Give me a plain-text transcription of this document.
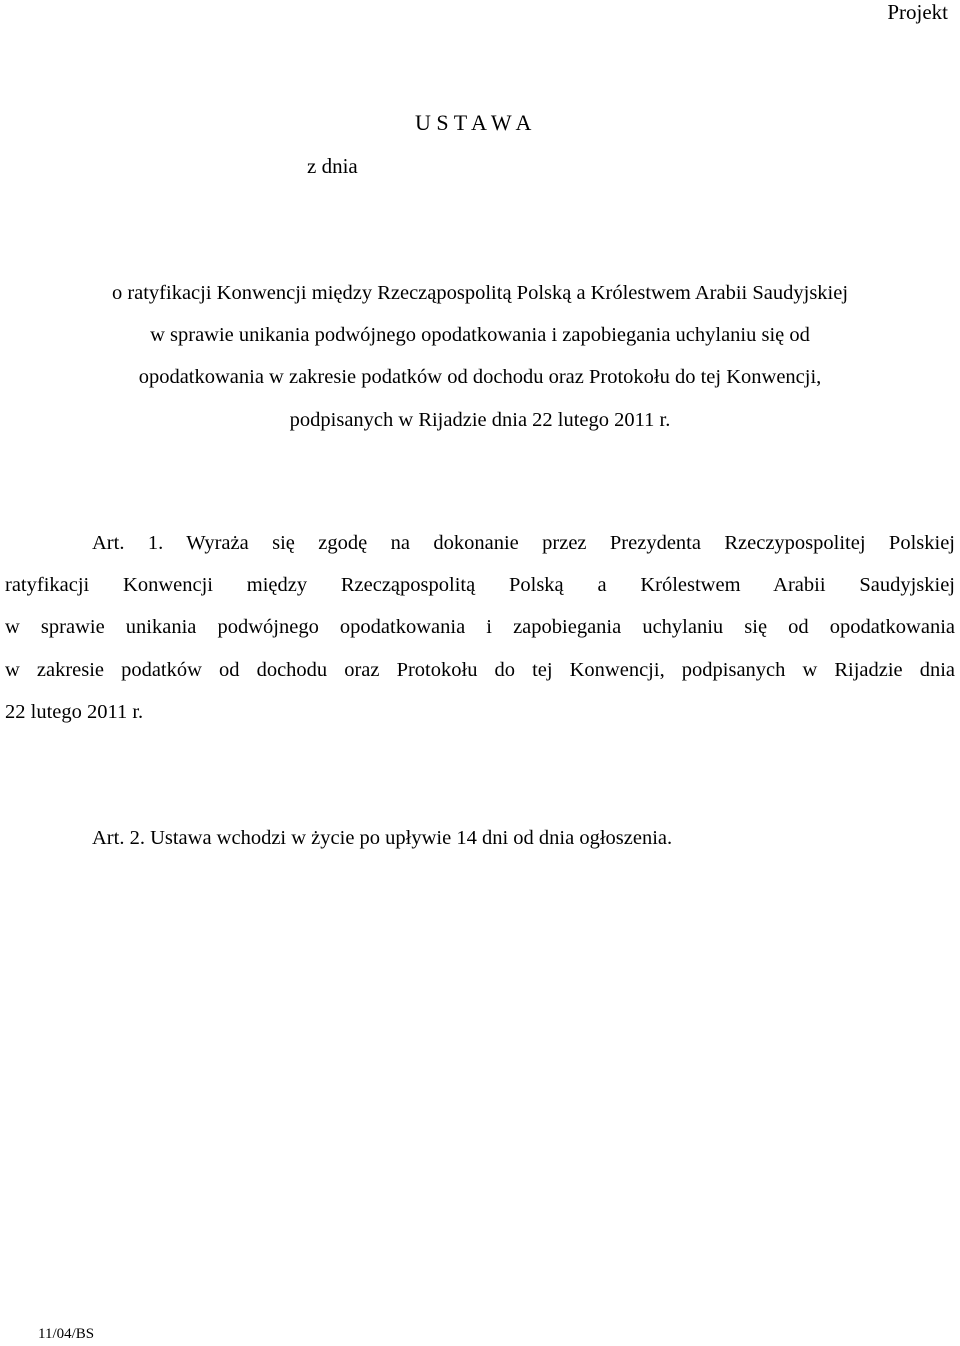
Projekt
U S T A W A
z dnia
o ratyfikacji Konwencji między Rzecząpospolitą Polską a Królestwem Arabii Saudyjskiej
w sprawie unikania podwójnego opodatkowania i zapobiegania uchylaniu się od
opodatkowania w zakresie podatków od dochodu oraz Protokołu do tej Konwencji,
podpisanych w Rijadzie dnia 22 lutego 2011 r.
Art. 1. Wyraża się zgodę na dokonanie przez Prezydenta Rzeczypospolitej Polskiej
ratyfikacji Konwencji między Rzecząpospolitą Polską a Królestwem Arabii Saudyjskiej
w sprawie unikania podwójnego opodatkowania i zapobiegania uchylaniu się od opodatkowania
w zakresie podatków od dochodu oraz Protokołu do tej Konwencji, podpisanych w Rijadzie dnia
22 lutego 2011 r.
Art. 2. Ustawa wchodzi w życie po upływie 14 dni od dnia ogłoszenia.
11/04/BS
